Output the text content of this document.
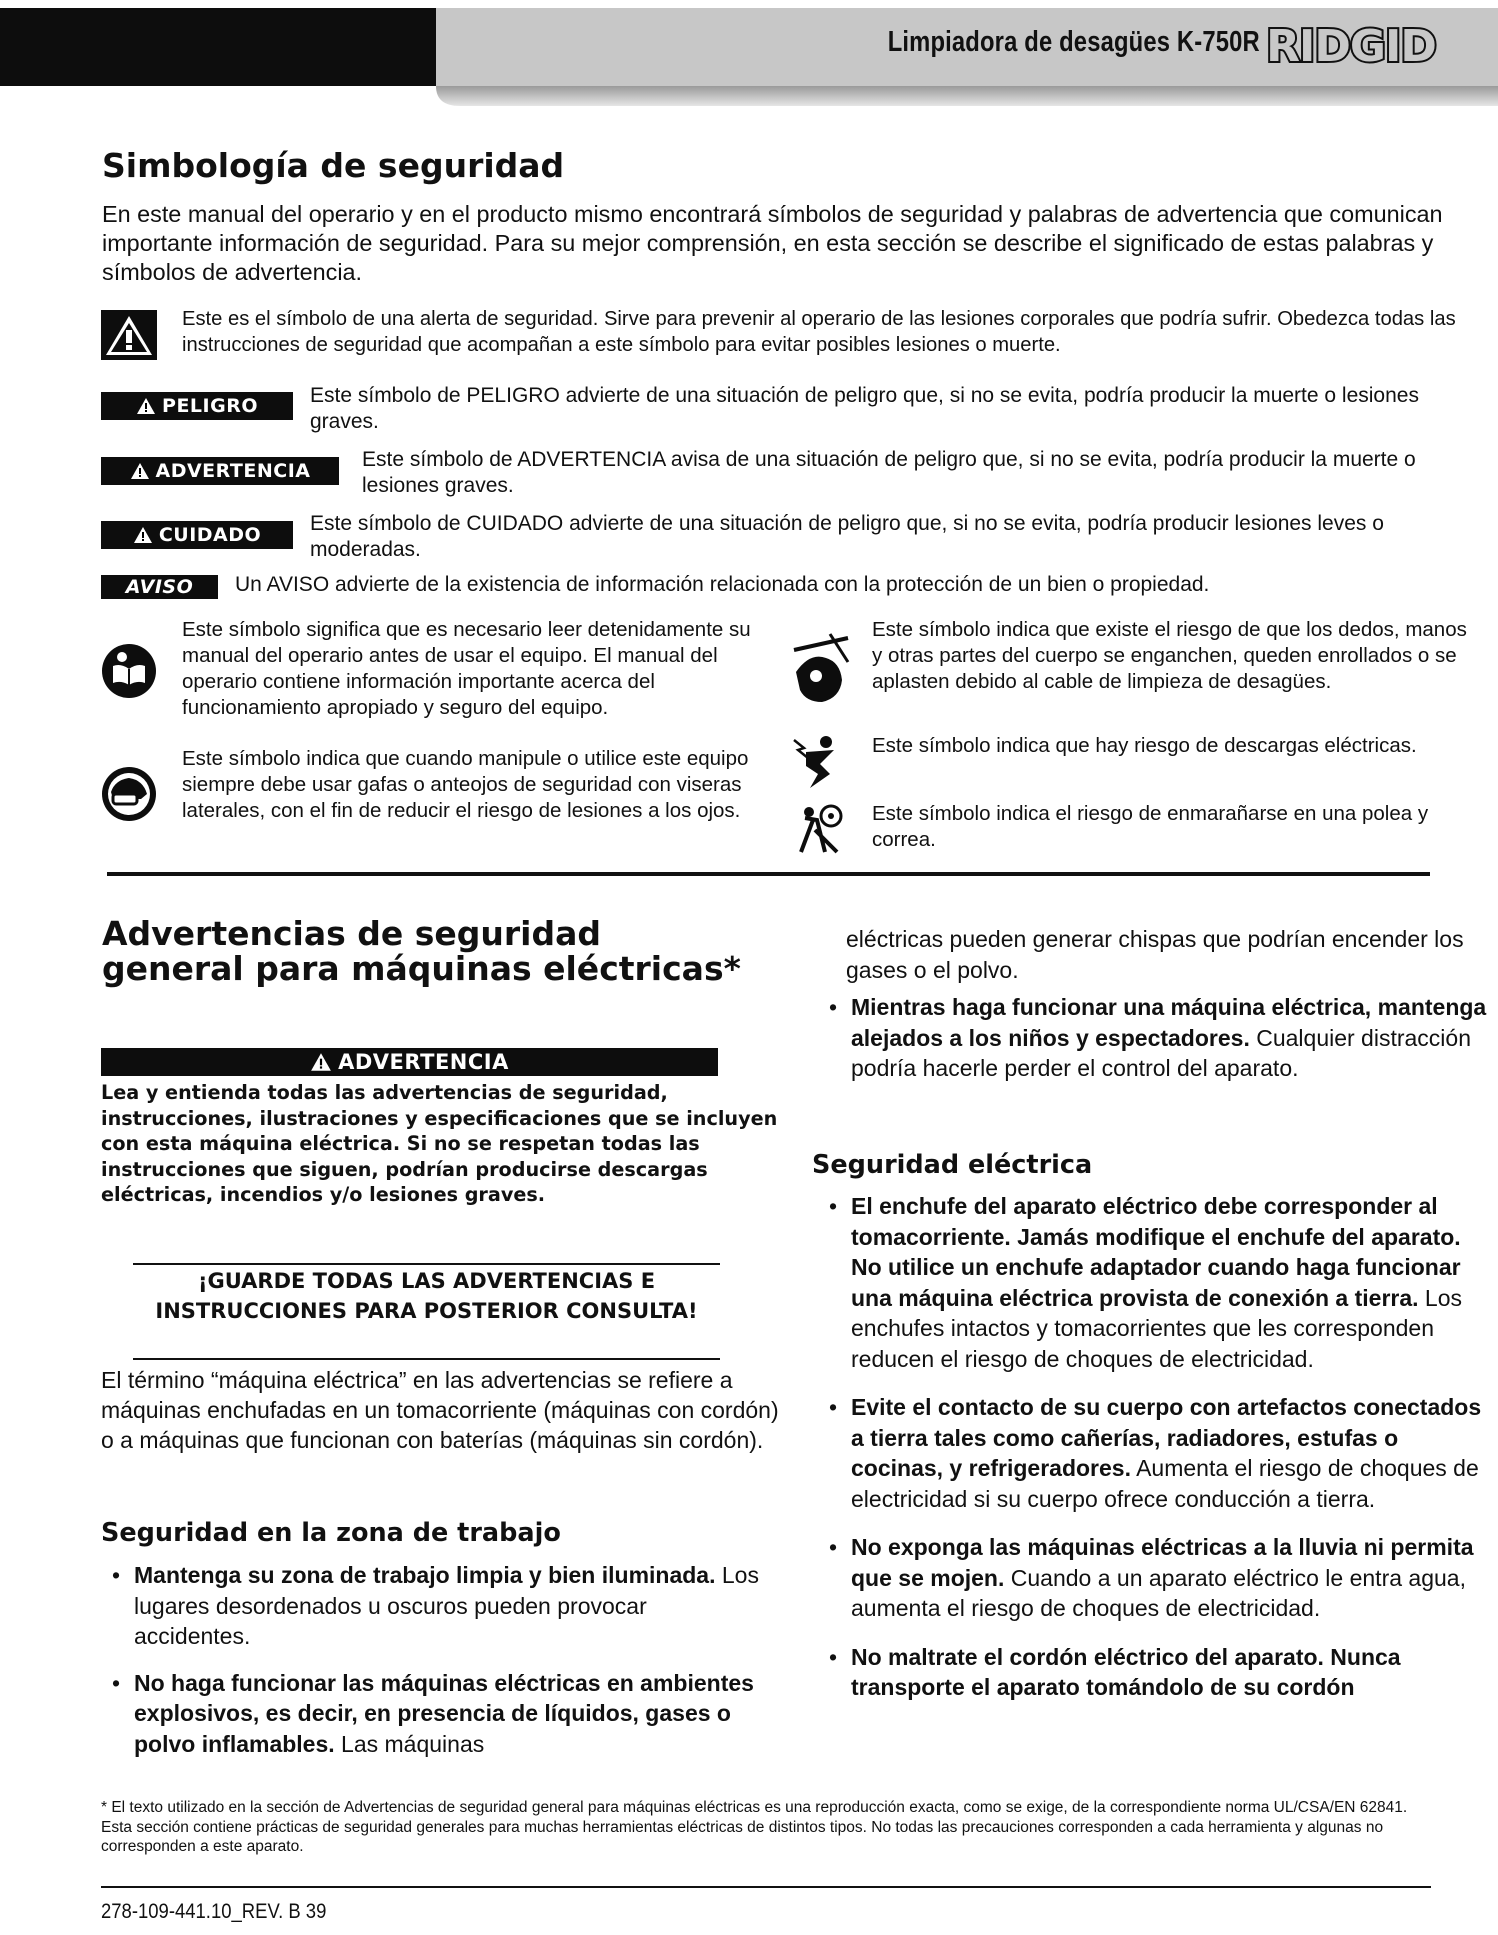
Limpiadora de desagües K-750R RIDGID
Simbología de seguridad

En este manual del operario y en el producto mismo encontrará símbolos de seguridad y palabras de advertencia que comunican importante información de seguridad. Para su mejor comprensión, en esta sección se describe el significado de estas palabras y símbolos de advertencia.

Este es el símbolo de una alerta de seguridad. Sirve para prevenir al operario de las lesiones corporales que podría sufrir. Obedezca todas las instrucciones de seguridad que acompañan a este símbolo para evitar posibles lesiones o muerte.

PELIGRO Este símbolo de PELIGRO advierte de una situación de peligro que, si no se evita, podría producir la muerte o lesiones graves.

ADVERTENCIA Este símbolo de ADVERTENCIA avisa de una situación de peligro que, si no se evita, podría producir la muerte o lesiones graves.

CUIDADO Este símbolo de CUIDADO advierte de una situación de peligro que, si no se evita, podría producir lesiones leves o moderadas.

AVISO Un AVISO advierte de la existencia de información relacionada con la protección de un bien o propiedad.

Este símbolo significa que es necesario leer detenidamente su manual del operario antes de usar el equipo. El manual del operario contiene información importante acerca del funcionamiento apropiado y seguro del equipo.

Este símbolo indica que cuando manipule o utilice este equipo siempre debe usar gafas o anteojos de seguridad con viseras laterales, con el fin de reducir el riesgo de lesiones a los ojos.

Este símbolo indica que existe el riesgo de que los dedos, manos y otras partes del cuerpo se enganchen, queden enrollados o se aplasten debido al cable de limpieza de desagües.

Este símbolo indica que hay riesgo de descargas eléctricas.

Este símbolo indica el riesgo de enmarañarse en una polea y correa.

Advertencias de seguridad general para máquinas eléctricas*
ADVERTENCIA

Lea y entienda todas las advertencias de seguridad, instrucciones, ilustraciones y especificaciones que se incluyen con esta máquina eléctrica. Si no se respetan todas las instrucciones que siguen, podrían producirse descargas eléctricas, incendios y/o lesiones graves.

¡GUARDE TODAS LAS ADVERTENCIAS E INSTRUCCIONES PARA POSTERIOR CONSULTA!

El término “máquina eléctrica” en las advertencias se refiere a máquinas enchufadas en un tomacorriente (máquinas con cordón) o a máquinas que funcionan con baterías (máquinas sin cordón).

Seguridad en la zona de trabajo
• Mantenga su zona de trabajo limpia y bien iluminada. Los lugares desordenados u oscuros pueden provocar accidentes.
• No haga funcionar las máquinas eléctricas en ambientes explosivos, es decir, en presencia de líquidos, gases o polvo inflamables. Las máquinas

eléctricas pueden generar chispas que podrían encender los gases o el polvo.

• Mientras haga funcionar una máquina eléctrica, mantenga alejados a los niños y espectadores. Cualquier distracción podría hacerle perder el control del aparato.
Seguridad eléctrica
• El enchufe del aparato eléctrico debe corresponder al tomacorriente. Jamás modifique el enchufe del aparato. No utilice un enchufe adaptador cuando haga funcionar una máquina eléctrica provista de conexión a tierra. Los enchufes intactos y tomacorrientes que les corresponden reducen el riesgo de choques de electricidad.
• Evite el contacto de su cuerpo con artefactos conectados a tierra tales como cañerías, radiadores, estufas o cocinas, y refrigeradores. Aumenta el riesgo de choques de electricidad si su cuerpo ofrece conducción a tierra.
• No exponga las máquinas eléctricas a la lluvia ni permita que se mojen. Cuando a un aparato eléctrico le entra agua, aumenta el riesgo de choques de electricidad.
• No maltrate el cordón eléctrico del aparato. Nunca transporte el aparato tomándolo de su cordón

* El texto utilizado en la sección de Advertencias de seguridad general para máquinas eléctricas es una reproducción exacta, como se exige, de la correspondiente norma UL/CSA/EN 62841. Esta sección contiene prácticas de seguridad generales para muchas herramientas eléctricas de distintos tipos. No todas las precauciones corresponden a cada herramienta y algunas no corresponden a este aparato.

278-109-441.10_REV. B 39
